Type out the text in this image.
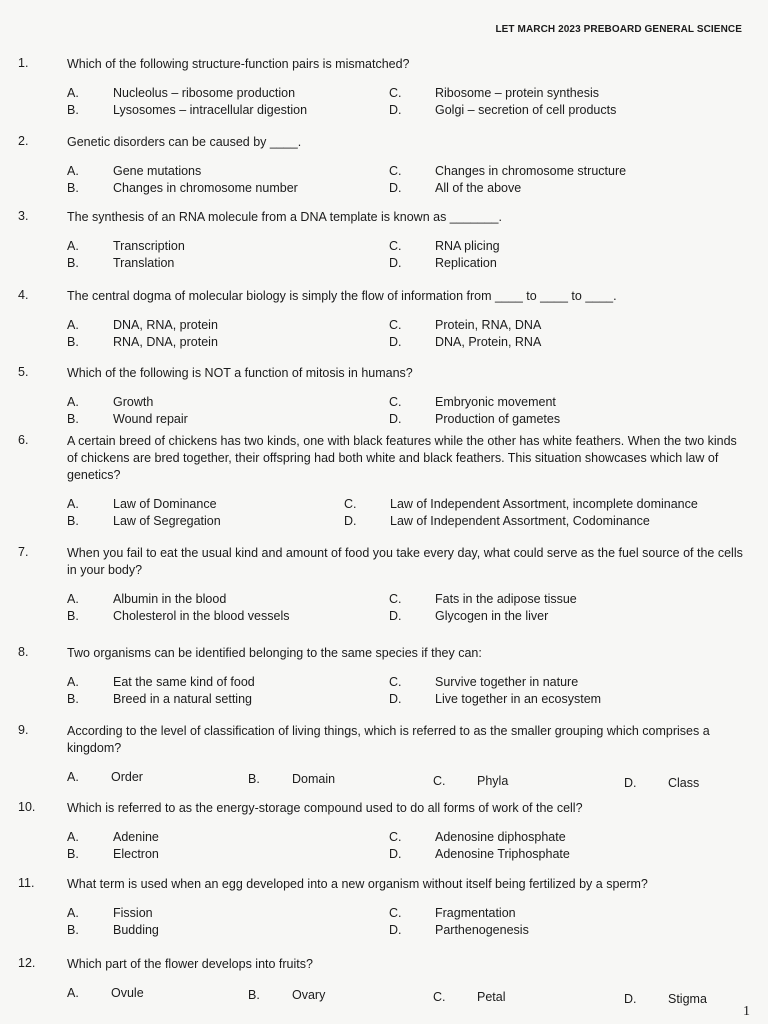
LET MARCH 2023 PREBOARD GENERAL SCIENCE
1.	Which of the following structure-function pairs is mismatched?
A.	Nucleolus – ribosome production
B.	Lysosomes – intracellular digestion
C.	Ribosome – protein synthesis
D.	Golgi – secretion of cell products
2.	Genetic disorders can be caused by ____.
A.	Gene mutations
B.	Changes in chromosome number
C.	Changes in chromosome structure
D.	All of the above
3.	The synthesis of an RNA molecule from a DNA template is known as _______.
A.	Transcription
B.	Translation
C.	RNA plicing
D.	Replication
4.	The central dogma of molecular biology is simply the flow of information from ____ to ____ to ____.
A.	DNA, RNA, protein
B.	RNA, DNA, protein
C.	Protein, RNA, DNA
D.	DNA, Protein, RNA
5.	Which of the following is NOT a function of mitosis in humans?
A.	Growth
B.	Wound repair
C.	Embryonic movement
D.	Production of gametes
6.	A certain breed of chickens has two kinds, one with black features while the other has white feathers. When the two kinds of chickens are bred together, their offspring had both white and black feathers. This situation showcases which law of genetics?
A.	Law of Dominance
B.	Law of Segregation
C.	Law of Independent Assortment, incomplete dominance
D.	Law of Independent Assortment, Codominance
7.	When you fail to eat the usual kind and amount of food you take every day, what could serve as the fuel source of the cells in your body?
A.	Albumin in the blood
B.	Cholesterol in the blood vessels
C.	Fats in the adipose tissue
D.	Glycogen in the liver
8.	Two organisms can be identified belonging to the same species if they can:
A.	Eat the same kind of food
B.	Breed in a natural setting
C.	Survive together in nature
D.	Live together in an ecosystem
9.	According to the level of classification of living things, which is referred to as the smaller grouping which comprises a kingdom?
A.	Order	B.	Domain	C.	Phyla	D.	Class
10.	Which is referred to as the energy-storage compound used to do all forms of work of the cell?
A.	Adenine
B.	Electron
C.	Adenosine diphosphate
D.	Adenosine Triphosphate
11.	What term is used when an egg developed into a new organism without itself being fertilized by a sperm?
A.	Fission
B.	Budding
C.	Fragmentation
D.	Parthenogenesis
12.	Which part of the flower develops into fruits?
A.	Ovule	B.	Ovary	C.	Petal	D.	Stigma
1
